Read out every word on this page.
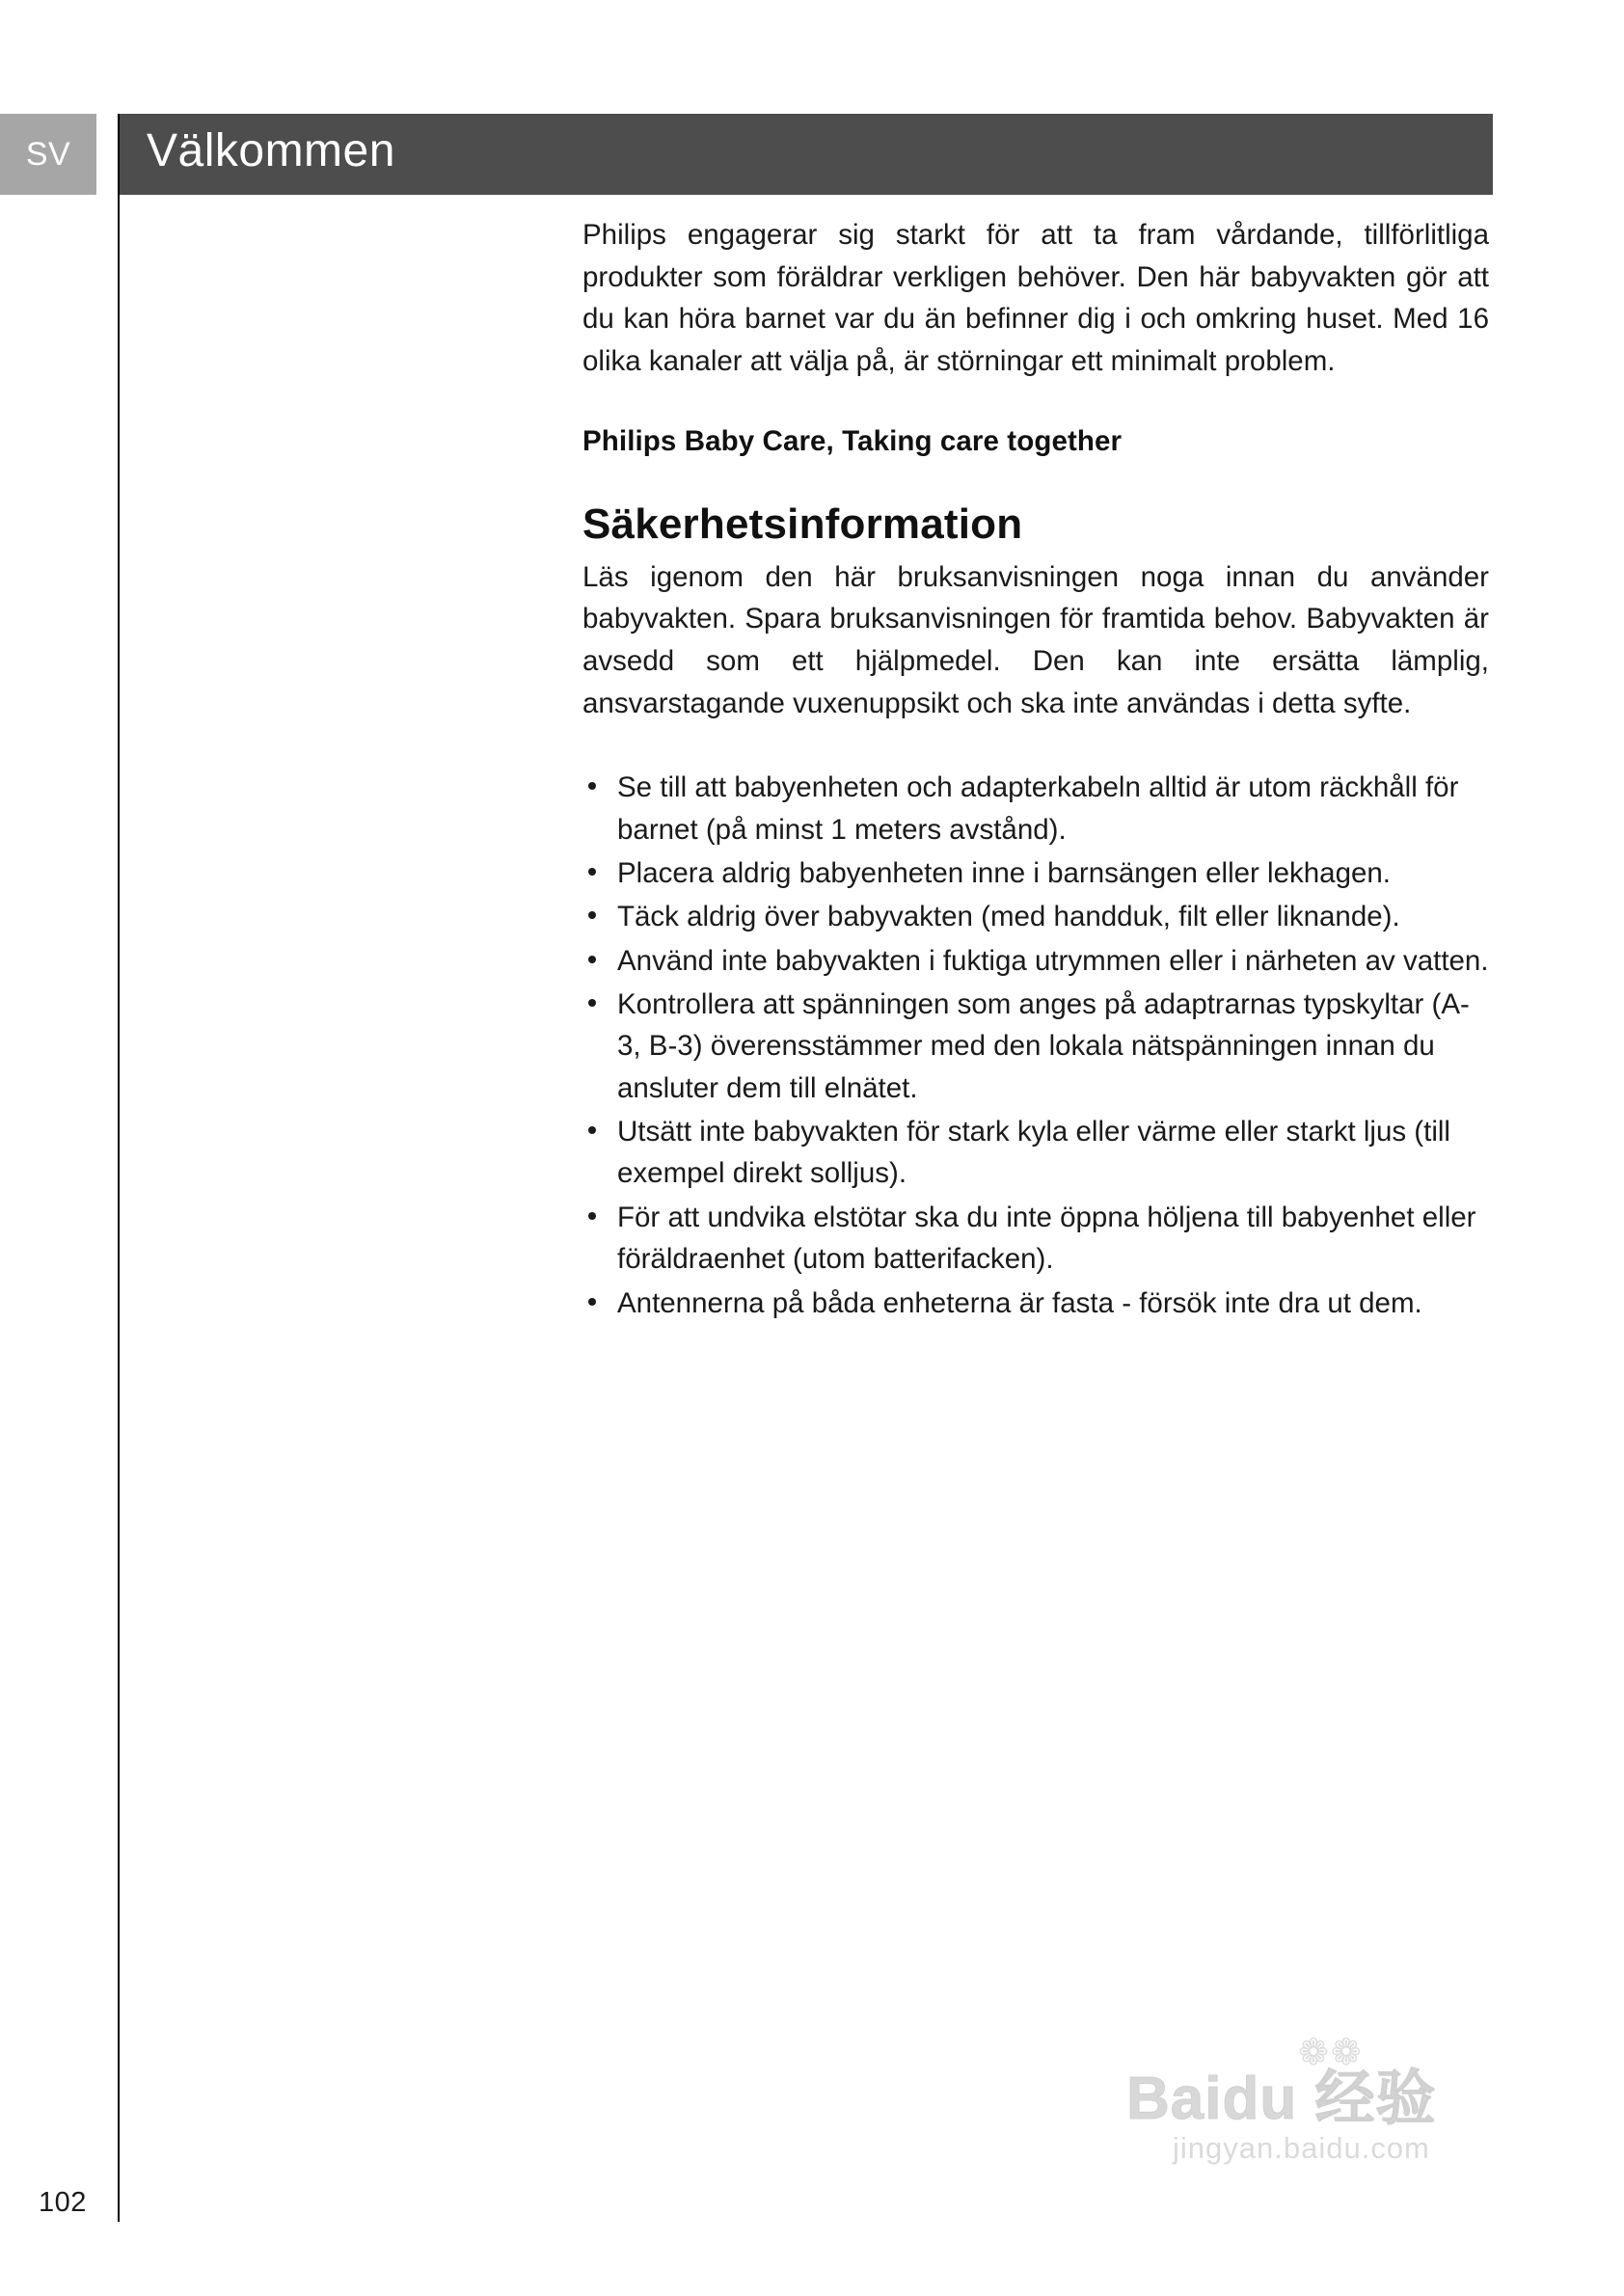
SV Välkommen

Philips engagerar sig starkt för att ta fram vårdande, tillförlitliga produkter som föräldrar verkligen behöver. Den här babyvakten gör att du kan höra barnet var du än befinner dig i och omkring huset. Med 16 olika kanaler att välja på, är störningar ett minimalt problem.

Philips Baby Care, Taking care together

Säkerhetsinformation

Läs igenom den här bruksanvisningen noga innan du använder babyvakten. Spara bruksanvisningen för framtida behov. Babyvakten är avsedd som ett hjälpmedel. Den kan inte ersätta lämplig, ansvarstagande vuxenuppsikt och ska inte användas i detta syfte.

Se till att babyenheten och adapterkabeln alltid är utom räckhåll för barnet (på minst 1 meters avstånd).
Placera aldrig babyenheten inne i barnsängen eller lekhagen.
Täck aldrig över babyvakten (med handduk, filt eller liknande).
Använd inte babyvakten i fuktiga utrymmen eller i närheten av vatten.
Kontrollera att spänningen som anges på adaptrarnas typskyltar (A-3, B-3) överensstämmer med den lokala nätspänningen innan du ansluter dem till elnätet.
Utsätt inte babyvakten för stark kyla eller värme eller starkt ljus (till exempel direkt solljus).
För att undvika elstötar ska du inte öppna höljena till babyenhet eller föräldraenhet (utom batterifacken).
Antennerna på båda enheterna är fasta - försök inte dra ut dem.
❁❁
Baidu 经验
jingyan.baidu.com
102
